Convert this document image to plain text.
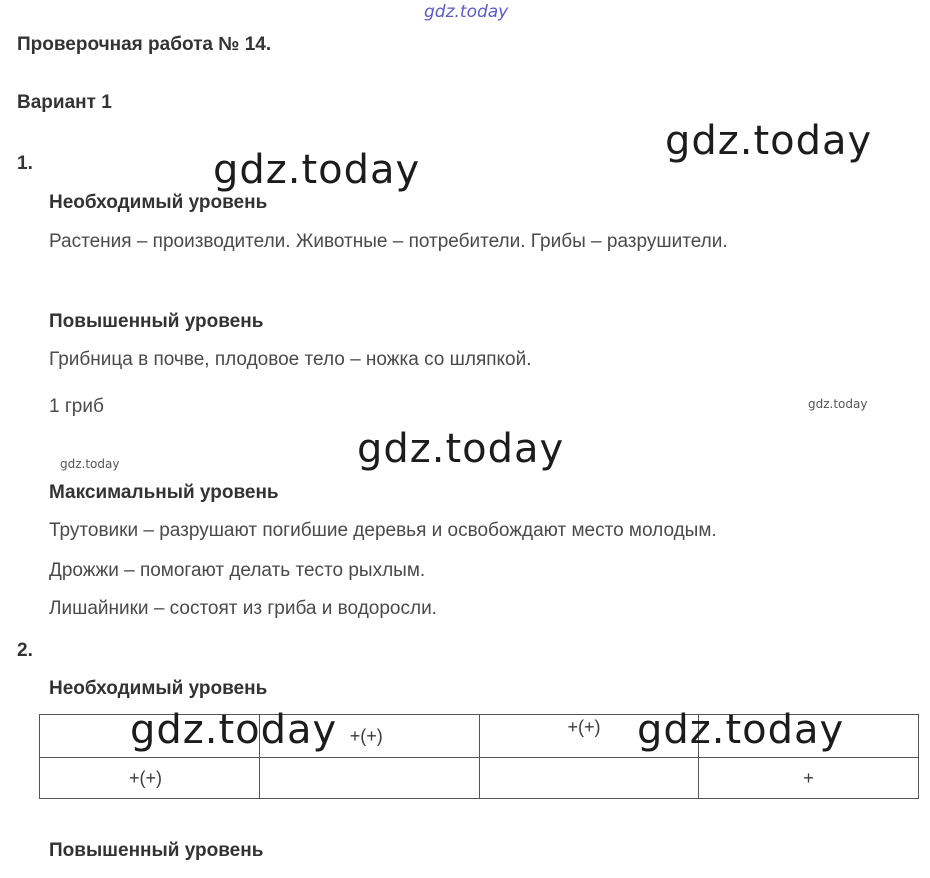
gdz.today
gdz.today
gdz.today
gdz.today
gdz.today
gdz.today
Проверочная работа № 14.
Вариант 1
1.
Необходимый уровень
Растения – производители. Животные – потребители. Грибы – разрушители.
Повышенный уровень
Грибница в почве, плодовое тело – ножка со шляпкой.
1 гриб
Максимальный уровень
Трутовики – разрушают погибшие деревья и освобождают место молодым.
Дрожжи – помогают делать тесто рыхлым.
Лишайники – состоят из гриба и водоросли.
2.
Необходимый уровень
	+(+)	+(+)	
+(+)			+
gdz.today	gdz.today
Повышенный уровень
